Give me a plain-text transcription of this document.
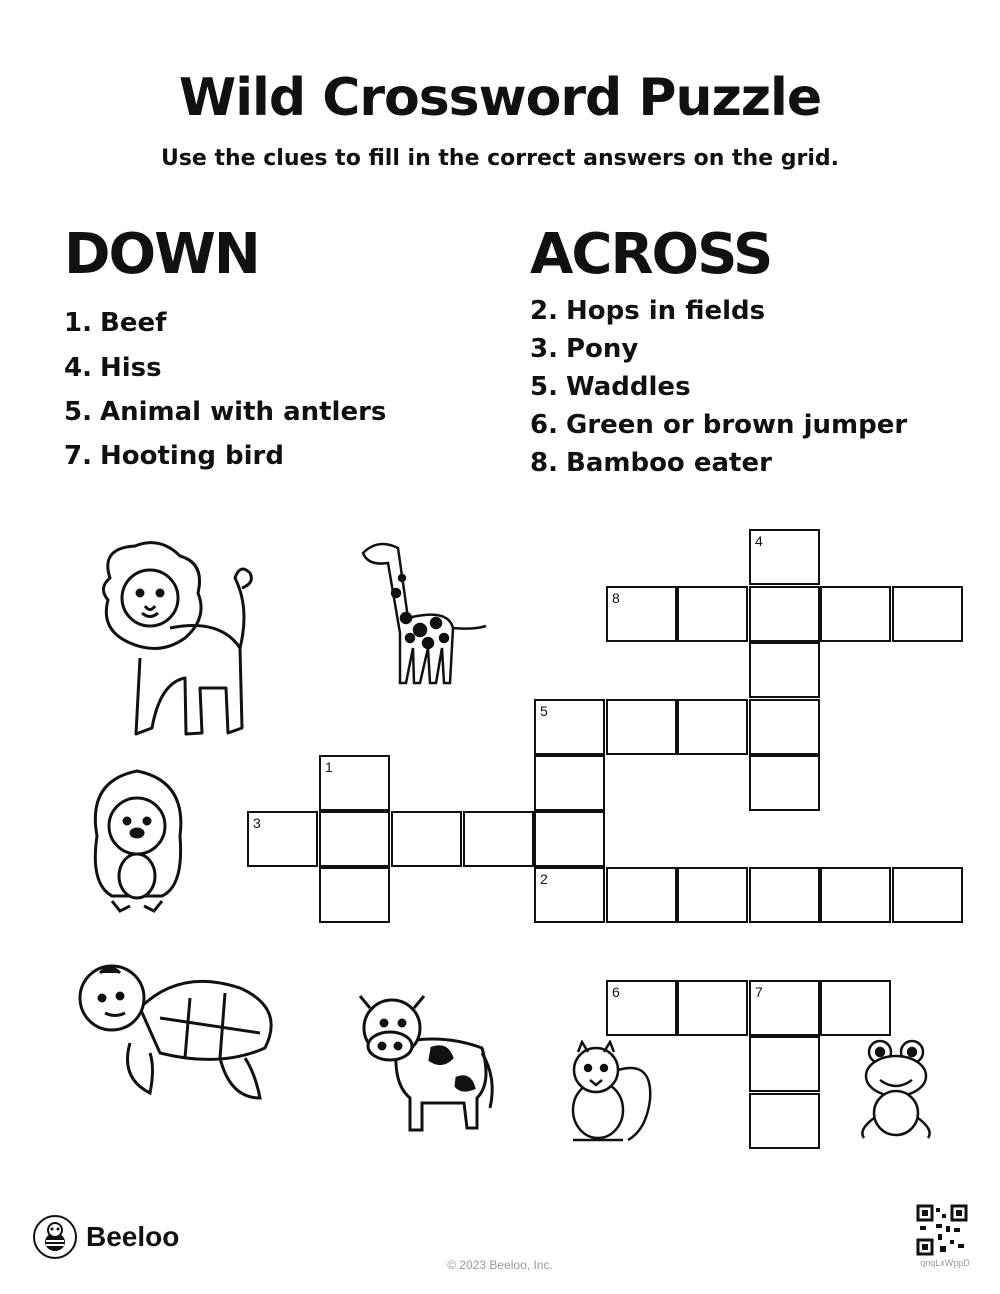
Wild Crossword Puzzle
Use the clues to fill in the correct answers on the grid.
DOWN
1. Beef
4. Hiss
5. Animal with antlers
7. Hooting bird
ACROSS
2. Hops in fields
3. Pony
5. Waddles
6. Green or brown jumper
8. Bamboo eater
4
8
5
1
3
2
6	7
Beeloo
© 2023 Beeloo, Inc.	qnqLxWppD
